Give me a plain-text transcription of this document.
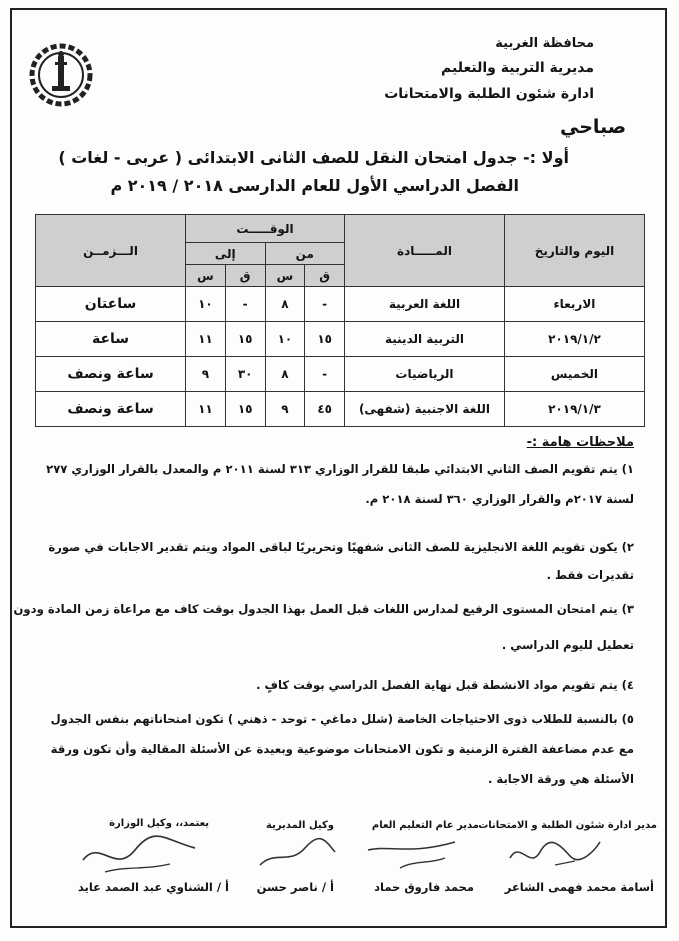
محافظة الغربية
مديرية التربية والتعليم
ادارة شئون الطلبة والامتحانات
صباحي
أولا :- جدول امتحان النقل للصف الثانى الابتدائى ( عربى - لغات )
الفصل الدراسي الأول للعام الدارسى ٢٠١٨ / ٢٠١٩ م
اليوم والتاريخ	المـــــادة	الوقـــــت				الـــزمــن
		من		إلى		
		ق	س	ق	س	
الاربعاء	اللغة العربية	-	٨	-	١٠	ساعتان
٢٠١٩/١/٢	التربية الدينية	١٥	١٠	١٥	١١	ساعة
الخميس	الرياضيات	-	٨	٣٠	٩	ساعة ونصف
٢٠١٩/١/٣	اللغة الاجنبية (شفهى)	٤٥	٩	١٥	١١	ساعة ونصف
ملاحظات هامة :-
١) يتم تقويم الصف الثاني الابتدائي طبقا للقرار الوزاري ٣١٣ لسنة ٢٠١١ م والمعدل بالقرار الوزاري ٢٧٧
لسنة ٢٠١٧م والقرار الوزاري ٣٦٠ لسنة ٢٠١٨ م.
٢) يكون تقويم اللغة الانجليزية للصف الثانى شفهيًا وتحريريًا لباقى المواد ويتم تقدير الاجابات في صورة
تقديرات فقط .
٣) يتم امتحان المستوى الرفيع لمدارس اللغات قبل العمل بهذا الجدول بوقت كاف مع مراعاة زمن المادة ودون
تعطيل لليوم الدراسي .
٤) يتم تقويم مواد الانشطة قبل نهاية الفصل الدراسي بوقت كافٍ .
٥) بالنسبة للطلاب ذوى الاحتياجات الخاصة (شلل دماغي - توحد - ذهني ) تكون امتحاناتهم بنفس الجدول
مع عدم مضاعفة الفترة الزمنية و تكون الامتحانات موضوعية وبعيدة عن الأسئلة المقالية وأن تكون ورقة
الأسئلة هي ورقة الاجابة .
مدير ادارة شئون الطلبة و الامتحانات
مدير عام التعليم العام
وكيل المديرية
يعتمد،، وكيل الوزارة
أسامة محمد فهمى الشاعر
محمد فاروق حماد
أ / ناصر حسن
أ / الشناوي عبد الصمد عايد
